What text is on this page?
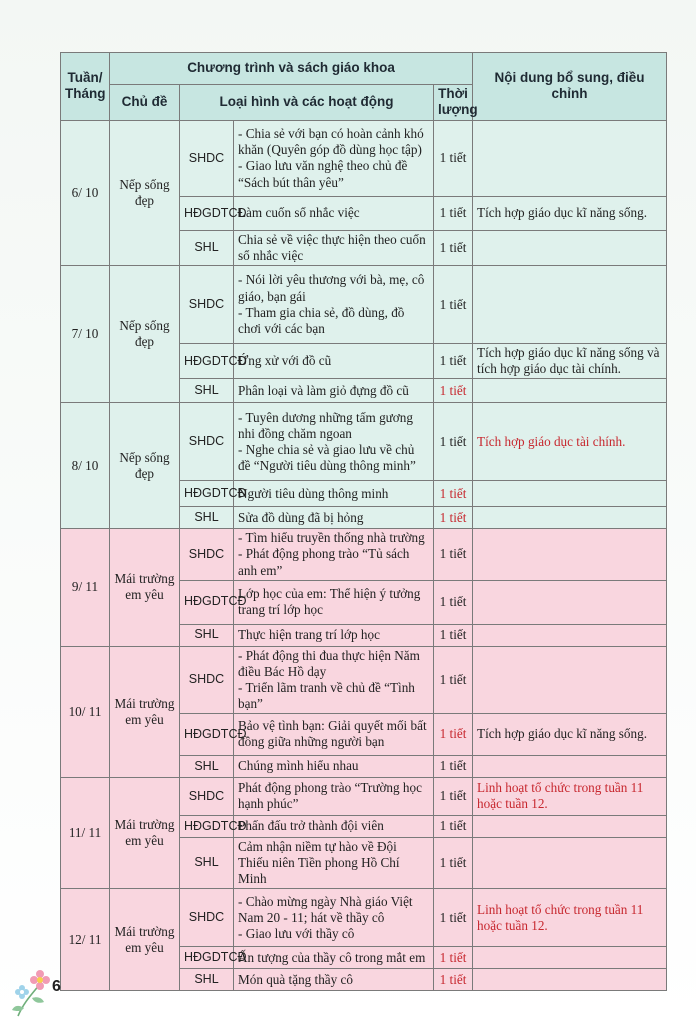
Tuần/ Tháng	Chương trình và sách giáo khoa				Nội dung bổ sung, điều chỉnh
	Chủ đề	Loại hình và các hoạt động		Thời lượng	
6/ 10	Nếp sống đẹp	SHDC	- Chia sẻ với bạn có hoàn cảnh khó khăn (Quyên góp đồ dùng học tập)
- Giao lưu văn nghệ theo chủ đề “Sách bút thân yêu”	1 tiết	
		HĐGDTCĐ	Làm cuốn sổ nhắc việc	1 tiết	Tích hợp giáo dục kĩ năng sống.
		SHL	Chia sẻ về việc thực hiện theo cuốn sổ nhắc việc	1 tiết	
7/ 10	Nếp sống đẹp	SHDC	- Nói lời yêu thương với bà, mẹ, cô giáo, bạn gái
- Tham gia chia sẻ, đồ dùng, đồ chơi với các bạn	1 tiết	
		HĐGDTCĐ	Ứng xử với đồ cũ	1 tiết	Tích hợp giáo dục kĩ năng sống và tích hợp giáo dục tài chính.
		SHL	Phân loại và làm giỏ đựng đồ cũ	1 tiết	
8/ 10	Nếp sống đẹp	SHDC	- Tuyên dương những tấm gương nhi đồng chăm ngoan
- Nghe chia sẻ và giao lưu về chủ đề “Người tiêu dùng thông minh”	1 tiết	Tích hợp giáo dục tài chính.
		HĐGDTCĐ	Người tiêu dùng thông minh	1 tiết	
		SHL	Sửa đồ dùng đã bị hỏng	1 tiết	
9/ 11	Mái trường em yêu	SHDC	- Tìm hiểu truyền thống nhà trường
- Phát động phong trào “Tủ sách anh em”	1 tiết	
		HĐGDTCĐ	Lớp học của em: Thể hiện ý tưởng trang trí lớp học	1 tiết	
		SHL	Thực hiện trang trí lớp học	1 tiết	
10/ 11	Mái trường em yêu	SHDC	- Phát động thi đua thực hiện Năm điều Bác Hồ dạy
- Triển lãm tranh về chủ đề “Tình bạn”	1 tiết	
		HĐGDTCĐ	Bảo vệ tình bạn: Giải quyết mối bất đồng giữa những người bạn	1 tiết	Tích hợp giáo dục kĩ năng sống.
		SHL	Chúng mình hiểu nhau	1 tiết	
11/ 11	Mái trường em yêu	SHDC	Phát động phong trào “Trường học hạnh phúc”	1 tiết	Linh hoạt tổ chức trong tuần 11 hoặc tuần 12.
		HĐGDTCĐ	Phấn đấu trở thành đội viên	1 tiết	
		SHL	Cảm nhận niềm tự hào về Đội Thiếu niên Tiền phong Hồ Chí Minh	1 tiết	
12/ 11	Mái trường em yêu	SHDC	- Chào mừng ngày Nhà giáo Việt Nam 20 - 11; hát về thầy cô
- Giao lưu với thầy cô	1 tiết	Linh hoạt tổ chức trong tuần 11 hoặc tuần 12.
		HĐGDTCĐ	Ấn tượng của thầy cô trong mắt em	1 tiết	
		SHL	Món quà tặng thầy cô	1 tiết	
6
